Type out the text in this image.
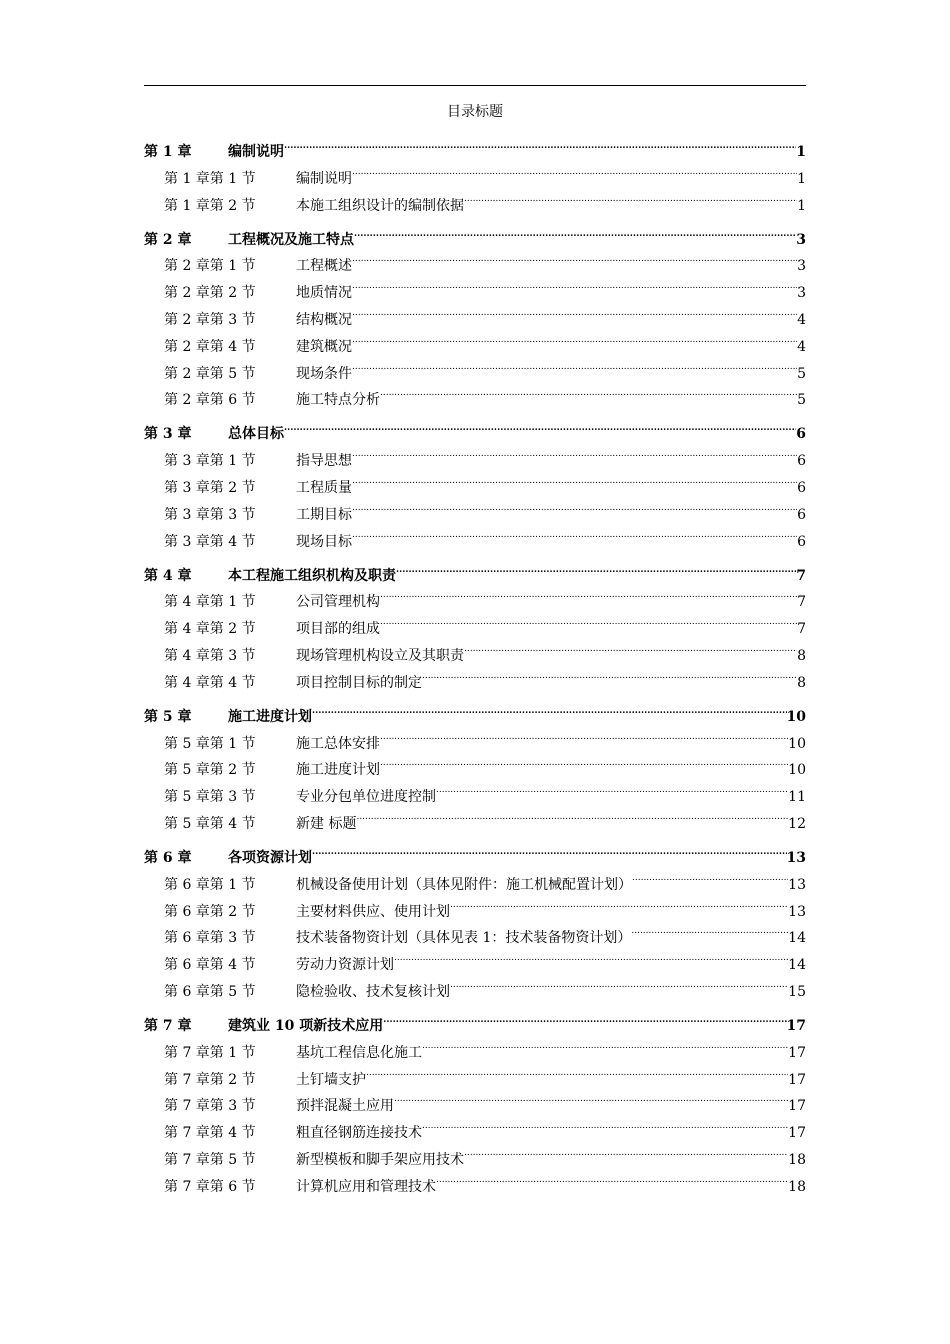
目录标题
第 1 章	编制说明 .....	1
第 1 章第 1 节	编制说明 .....	1
第 1 章第 2 节	本施工组织设计的编制依据 .....	1
第 2 章	工程概况及施工特点 .....	3
第 2 章第 1 节	工程概述 .....	3
第 2 章第 2 节	地质情况 .....	3
第 2 章第 3 节	结构概况 .....	4
第 2 章第 4 节	建筑概况 .....	4
第 2 章第 5 节	现场条件 .....	5
第 2 章第 6 节	施工特点分析 .....	5
第 3 章	总体目标 .....	6
第 3 章第 1 节	指导思想 .....	6
第 3 章第 2 节	工程质量 .....	6
第 3 章第 3 节	工期目标 .....	6
第 3 章第 4 节	现场目标 .....	6
第 4 章	本工程施工组织机构及职责 .....	7
第 4 章第 1 节	公司管理机构 .....	7
第 4 章第 2 节	项目部的组成 .....	7
第 4 章第 3 节	现场管理机构设立及其职责 .....	8
第 4 章第 4 节	项目控制目标的制定 .....	8
第 5 章	施工进度计划 .....	10
第 5 章第 1 节	施工总体安排 .....	10
第 5 章第 2 节	施工进度计划 .....	10
第 5 章第 3 节	专业分包单位进度控制 .....	11
第 5 章第 4 节	新建 标题 .....	12
第 6 章	各项资源计划 .....	13
第 6 章第 1 节	机械设备使用计划（具体见附件：施工机械配置计划） .....	13
第 6 章第 2 节	主要材料供应、使用计划 .....	13
第 6 章第 3 节	技术装备物资计划（具体见表 1：技术装备物资计划） .....	14
第 6 章第 4 节	劳动力资源计划 .....	14
第 6 章第 5 节	隐检验收、技术复核计划 .....	15
第 7 章	建筑业 10 项新技术应用 .....	17
第 7 章第 1 节	基坑工程信息化施工 .....	17
第 7 章第 2 节	土钉墙支护 .....	17
第 7 章第 3 节	预拌混凝土应用 .....	17
第 7 章第 4 节	粗直径钢筋连接技术 .....	17
第 7 章第 5 节	新型模板和脚手架应用技术 .....	18
第 7 章第 6 节	计算机应用和管理技术 .....	18
